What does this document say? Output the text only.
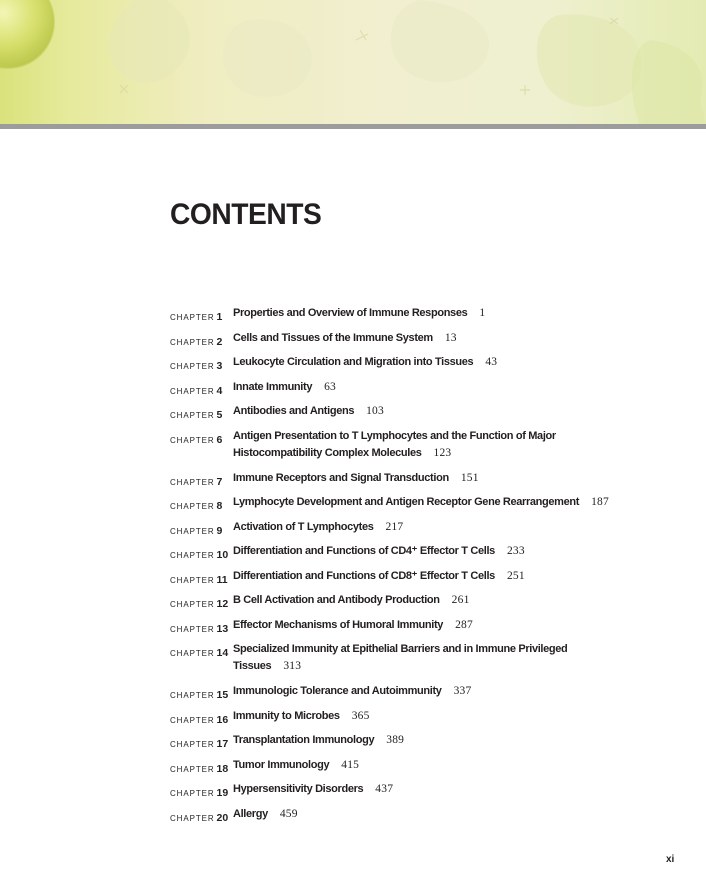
CONTENTS
CHAPTER 1 Properties and Overview of Immune Responses 1
CHAPTER 2 Cells and Tissues of the Immune System 13
CHAPTER 3 Leukocyte Circulation and Migration into Tissues 43
CHAPTER 4 Innate Immunity 63
CHAPTER 5 Antibodies and Antigens 103
CHAPTER 6 Antigen Presentation to T Lymphocytes and the Function of Major
Histocompatibility Complex Molecules 123
CHAPTER 7 Immune Receptors and Signal Transduction 151
CHAPTER 8 Lymphocyte Development and Antigen Receptor Gene Rearrangement 187
CHAPTER 9 Activation of T Lymphocytes 217
CHAPTER 10 Differentiation and Functions of CD4⁺ Effector T Cells 233
CHAPTER 11 Differentiation and Functions of CD8⁺ Effector T Cells 251
CHAPTER 12 B Cell Activation and Antibody Production 261
CHAPTER 13 Effector Mechanisms of Humoral Immunity 287
CHAPTER 14 Specialized Immunity at Epithelial Barriers and in Immune Privileged
Tissues 313
CHAPTER 15 Immunologic Tolerance and Autoimmunity 337
CHAPTER 16 Immunity to Microbes 365
CHAPTER 17 Transplantation Immunology 389
CHAPTER 18 Tumor Immunology 415
CHAPTER 19 Hypersensitivity Disorders 437
CHAPTER 20 Allergy 459
xi
